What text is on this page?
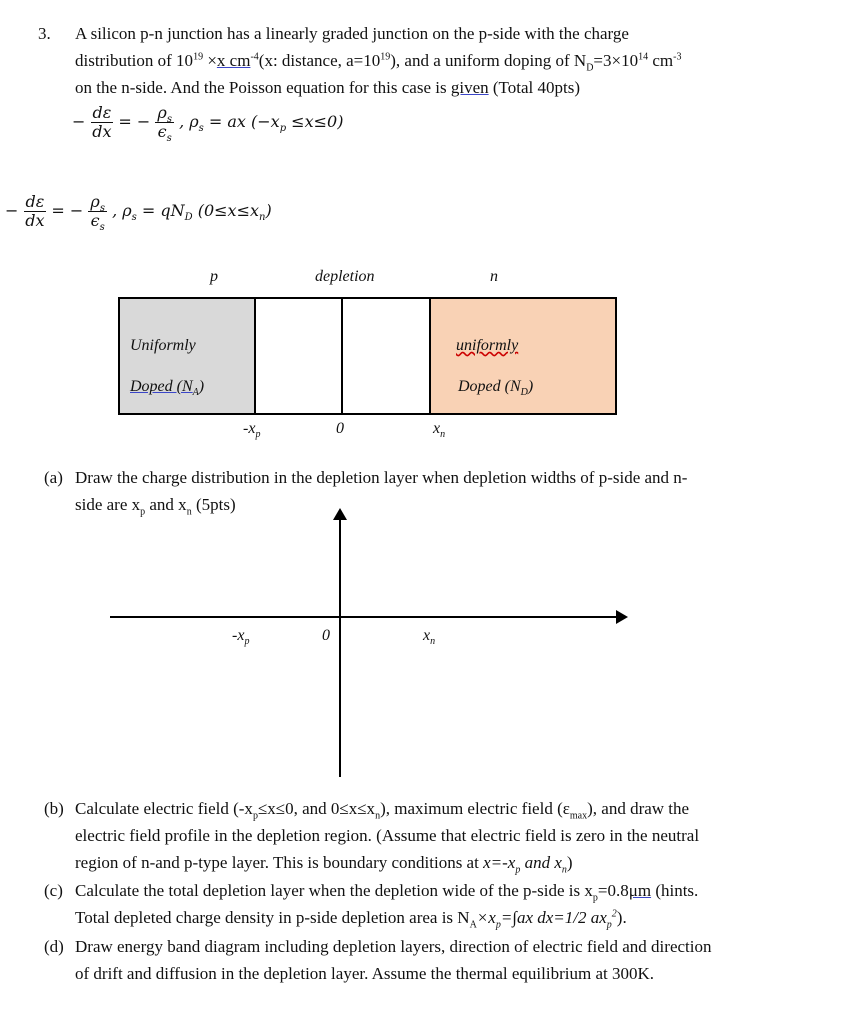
3. A silicon p-n junction has a linearly graded junction on the p-side with the charge
distribution of $10^{19} \times x$ $cm^{-4}(x$: distance, $a=10^{19}$), and a uniform doping of $N_D=3\times 10^{14}$ $cm^{-3}$
on the n-side. And the Poisson equation for this case is given (Total 40pts)
− $\frac{d\varepsilon}{dx}$ = − $\frac{\rho_s}{є_s}$ , $\rho_s$ = ax $(-x_p \le x\le 0)$
− $\frac{d\varepsilon}{dx}$ = − $\frac{\rho_s}{є_s}$ , $\rho_s = qN_D$ $(0\le x\le x_n)$
p	depletion	n
Uniformly
Doped $(N_A)$
uniformly
Doped $(N_D)$
$-x_p$	0	$x_n$
(a) Draw the charge distribution in the depletion layer when depletion widths of p-side and n-
side are $x_p$ and $x_n$ (5pts)
$-x_p$	0	$x_n$
(b) Calculate electric field ($-x_p\le x\le 0$, and $0\le x\le x_n$), maximum electric field $(\varepsilon_{max})$, and draw the
electric field profile in the depletion region. (Assume that electric field is zero in the neutral
region of n-and p-type layer. This is boundary conditions at $x=-x_p$ and $x_n$)
(c) Calculate the total depletion layer when the depletion wide of the p-side is $x_p=0.8\mu m$ (hints.
Total depleted charge density in p-side depletion area is $N_A\times x_p=\int ax$ dx=1/2 $ax_p^2$).
(d) Draw energy band diagram including depletion layers, direction of electric field and direction
of drift and diffusion in the depletion layer. Assume the thermal equilibrium at 300K.
